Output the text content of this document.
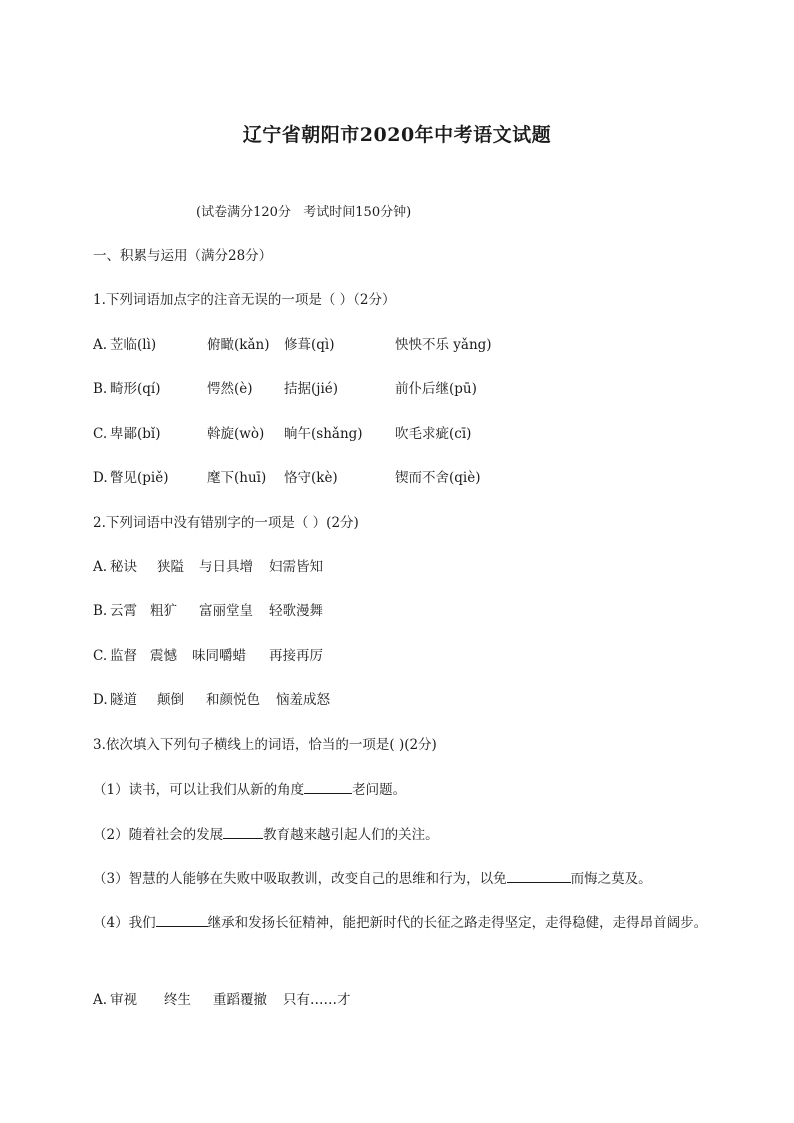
辽宁省朝阳市2020年中考语文试题
(试卷满分120分   考试时间150分钟)
一、积累与运用（满分28分）
1.下列词语加点字的注音无误的一项是（ ）（2分）
A. 苙临(lì)	俯瞰(kǎn) 修葺(qì)	怏怏不乐 yǎng)
B. 畸形(qí)	愕然(è) 拮据(jié)	前仆后继(pū)
C. 卑鄙(bǐ)	斡旋(wò) 晌午(shǎng) 吹毛求疵(cī)
D. 瞥见(piě)	麾下(huī) 恪守(kè)	锲而不舍(qiè)
2.下列词语中没有错别字的一项是（ ）(2分)
A. 秘诀 狭隘 与日具增 妇需皆知
B. 云霄 粗犷 富丽堂皇 轻歌漫舞
C. 监督 震憾 味同嚼蜡 再接再厉
D. 隧道 颠倒 和颜悦色 恼羞成怒
3.依次填入下列句子横线上的词语，恰当的一项是( )(2分)
（1）读书，可以让我们从新的角度	老问题。
（2）随着社会的发展	教育越来越引起人们的关注。
（3）智慧的人能够在失败中吸取教训，改变自己的思维和行为，以免	而悔之莫及。
（4）我们	继承和发扬长征精神，能把新时代的长征之路走得坚定，走得稳健，走得昂首阔步。
A. 审视 终生 重蹈覆撤 只有……才
